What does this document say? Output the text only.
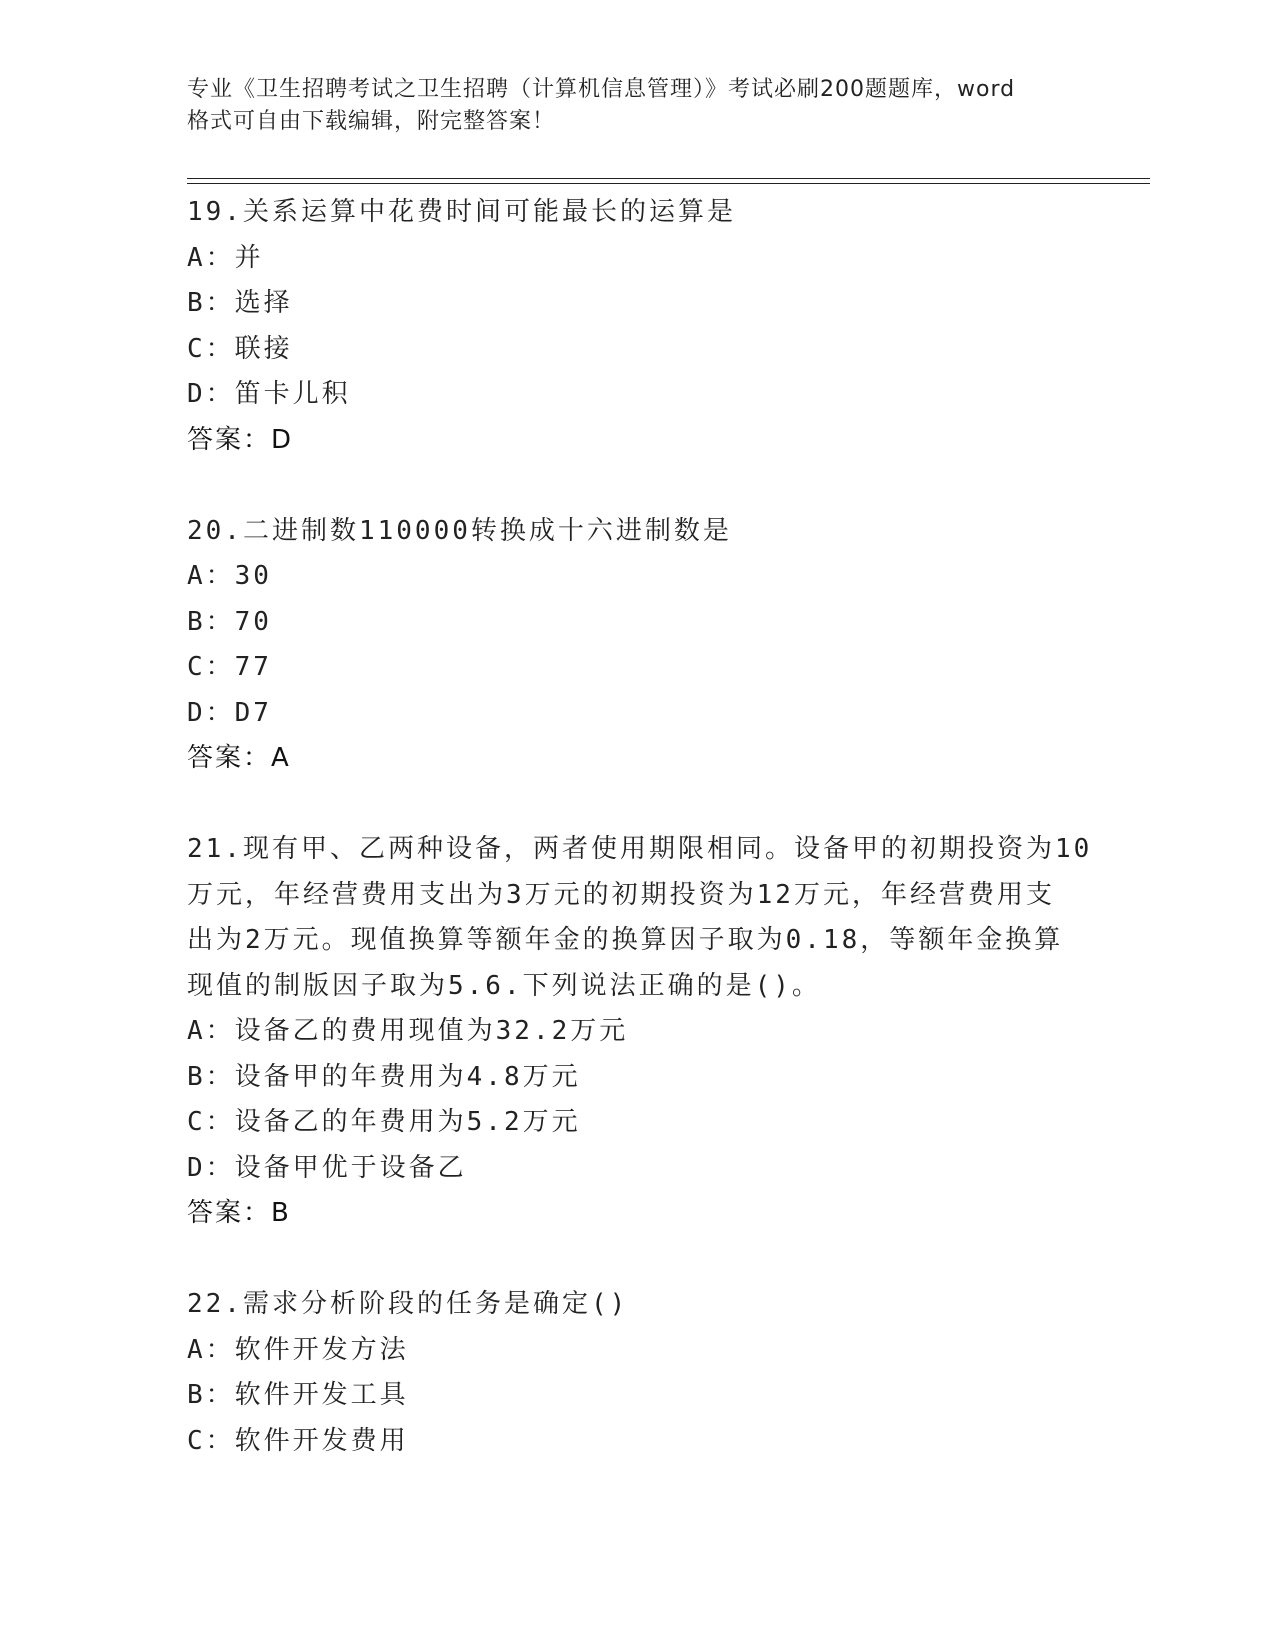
专业《卫生招聘考试之卫生招聘（计算机信息管理）》考试必刷200题题库，word
格式可自由下载编辑，附完整答案！
19.关系运算中花费时间可能最长的运算是
A：并
B：选择
C：联接
D：笛卡儿积
答案：D
20.二进制数110000转换成十六进制数是
A：30
B：70
C：77
D：D7
答案：A
21.现有甲、乙两种设备，两者使用期限相同。设备甲的初期投资为10
万元，年经营费用支出为3万元的初期投资为12万元，年经营费用支
出为2万元。现值换算等额年金的换算因子取为0.18，等额年金换算
现值的制版因子取为5.6.下列说法正确的是()。
A：设备乙的费用现值为32.2万元
B：设备甲的年费用为4.8万元
C：设备乙的年费用为5.2万元
D：设备甲优于设备乙
答案：B
22.需求分析阶段的任务是确定()
A：软件开发方法
B：软件开发工具
C：软件开发费用
